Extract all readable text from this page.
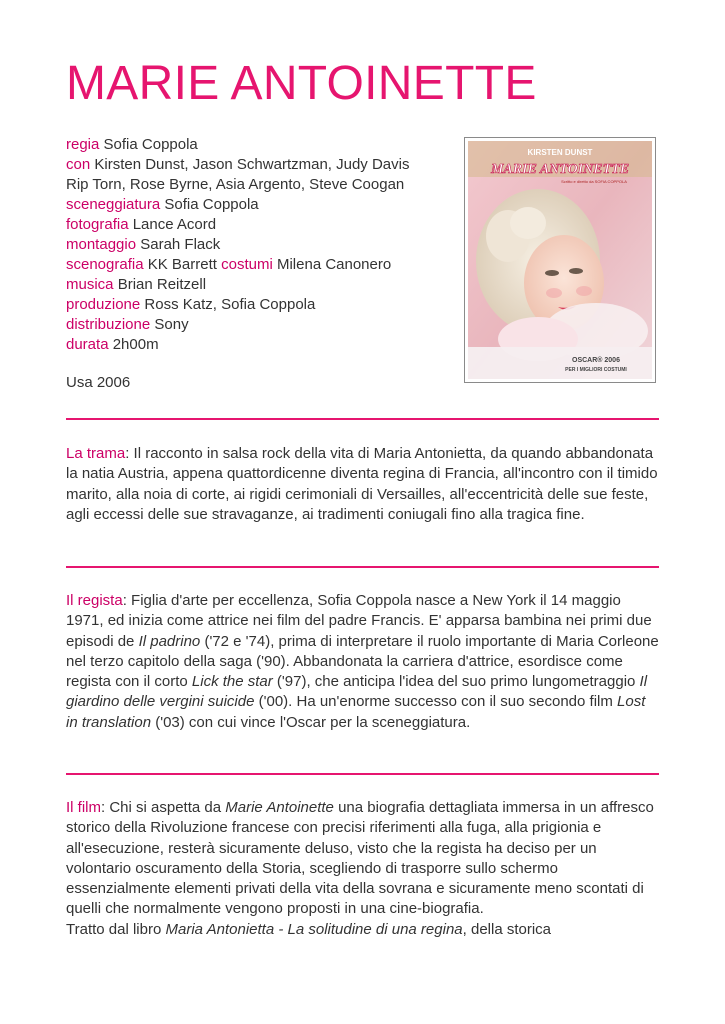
MARIE ANTOINETTE
regia Sofia Coppola
con Kirsten Dunst, Jason Schwartzman, Judy Davis
Rip Torn, Rose Byrne, Asia Argento, Steve Coogan
sceneggiatura Sofia Coppola
fotografia Lance Acord
montaggio Sarah Flack
scenografia KK Barrett costumi Milena Canonero
musica Brian Reitzell
produzione Ross Katz, Sofia Coppola
distribuzione Sony
durata 2h00m
Usa 2006
KIRSTEN DUNST
MARIE ANTOINETTE
Scritto e diretto da SOFIA COPPOLA
OSCAR® 2006
PER I MIGLIORI COSTUMI

La trama: Il racconto in salsa rock della vita di Maria Antonietta, da quando abbandonata la natia Austria, appena quattordicenne diventa regina di Francia, all'incontro con il timido marito, alla noia di corte, ai rigidi cerimoniali di Versailles, all'eccentricità delle sue feste, agli eccessi delle sue stravaganze, ai tradimenti coniugali fino alla tragica fine.

Il regista: Figlia d'arte per eccellenza, Sofia Coppola nasce a New York il 14 maggio 1971, ed inizia come attrice nei film del padre Francis. E' apparsa bambina nei primi due episodi de Il padrino ('72 e '74), prima di interpretare il ruolo importante di Maria Corleone nel terzo capitolo della saga ('90). Abbandonata la carriera d'attrice, esordisce come regista con il corto Lick the star ('97), che anticipa l'idea del suo primo lungometraggio Il giardino delle vergini suicide ('00). Ha un'enorme successo con il suo secondo film Lost in translation ('03) con cui vince l'Oscar per la sceneggiatura.

Il film: Chi si aspetta da Marie Antoinette una biografia dettagliata immersa in un affresco storico della Rivoluzione francese con precisi riferimenti alla fuga, alla prigionia e all'esecuzione, resterà sicuramente deluso, visto che la regista ha deciso per un volontario oscuramento della Storia, scegliendo di trasporre sullo schermo essenzialmente elementi privati della vita della sovrana e sicuramente meno scontati di quelli che normalmente vengono proposti in una cine-biografia.
Tratto dal libro Maria Antonietta - La solitudine di una regina, della storica
